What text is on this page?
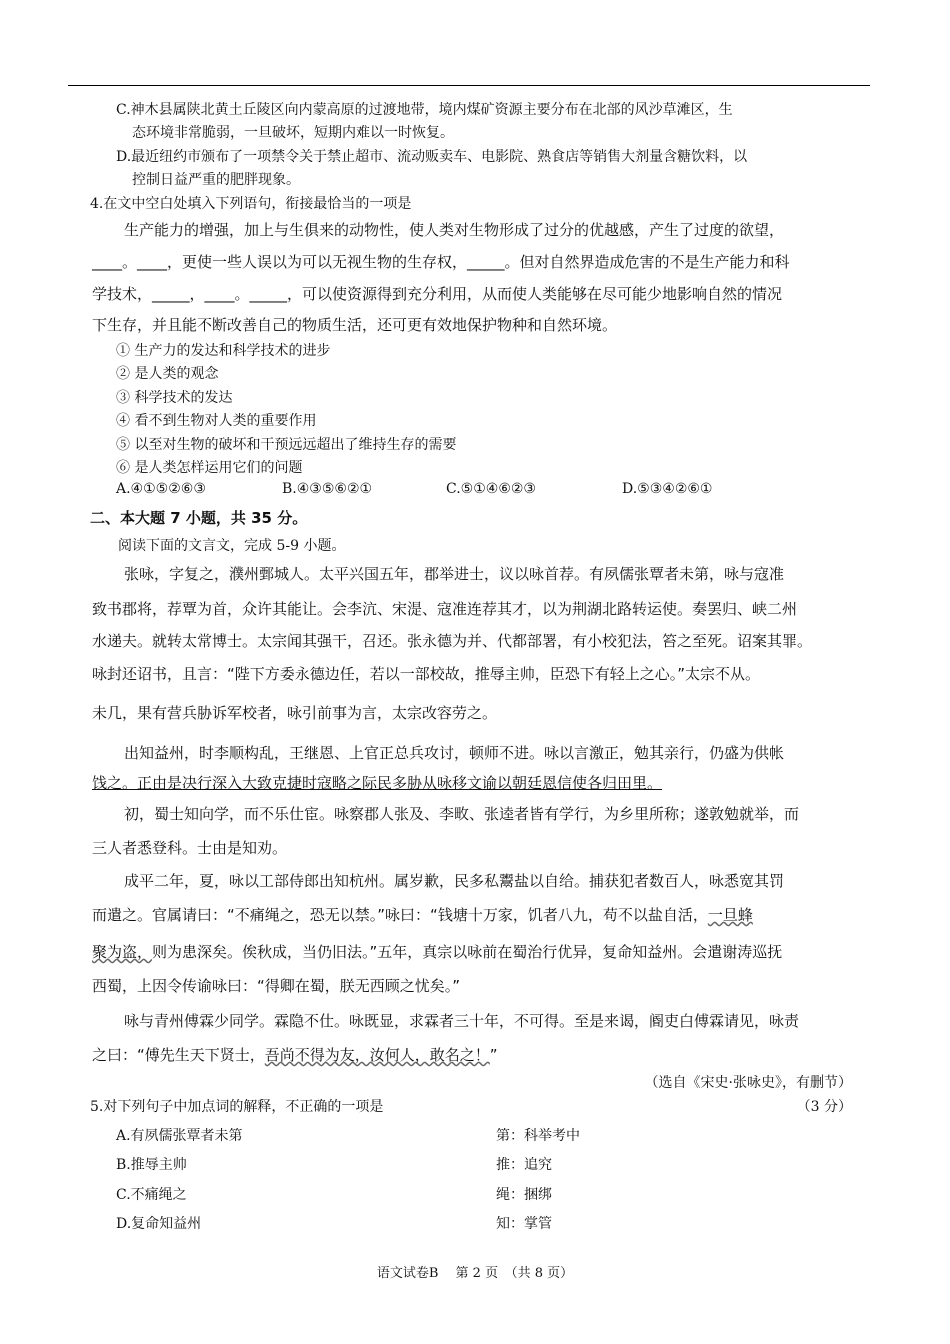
C.神木县属陕北黄土丘陵区向内蒙高原的过渡地带，境内煤矿资源主要分布在北部的风沙草滩区，生
态环境非常脆弱，一旦破坏，短期内难以一时恢复。
D.最近纽约市颁布了一项禁令关于禁止超市、流动贩卖车、电影院、熟食店等销售大剂量含糖饮料，以
控制日益严重的肥胖现象。
4.在文中空白处填入下列语句，衔接最恰当的一项是
生产能力的增强，加上与生俱来的动物性，使人类对生物形成了过分的优越感，产生了过度的欲望，
____。____，更使一些人误以为可以无视生物的生存权，_____。但对自然界造成危害的不是生产能力和科
学技术，_____，____。_____，可以使资源得到充分利用，从而使人类能够在尽可能少地影响自然的情况
下生存，并且能不断改善自己的物质生活，还可更有效地保护物种和自然环境。
① 生产力的发达和科学技术的进步
② 是人类的观念
③ 科学技术的发达
④ 看不到生物对人类的重要作用
⑤ 以至对生物的破坏和干预远远超出了维持生存的需要
⑥ 是人类怎样运用它们的问题
A.④①⑤②⑥③	B.④③⑤⑥②①	C.⑤①④⑥②③	D.⑤③④②⑥①
二、本大题 7 小题，共 35 分。
阅读下面的文言文，完成 5-9 小题。
张咏，字复之，濮州鄄城人。太平兴国五年，郡举进士，议以咏首荐。有夙儒张覃者未第，咏与寇准
致书郡将，荐覃为首，众许其能让。会李沆、宋湜、寇准连荐其才，以为荆湖北路转运使。奏罢归、峡二州
水递夫。就转太常博士。太宗闻其强干，召还。张永德为并、代都部署，有小校犯法，笞之至死。诏案其罪。
咏封还诏书，且言：“陛下方委永德边任，若以一部校故，推辱主帅，臣恐下有轻上之心。”太宗不从。
未几，果有营兵胁诉军校者，咏引前事为言，太宗改容劳之。
出知益州，时李顺构乱，王继恩、上官正总兵攻讨，顿师不进。咏以言激正，勉其亲行，仍盛为供帐
饯之。正由是决行深入大致克捷时寇略之际民多胁从咏移文谕以朝廷恩信使各归田里。
初，蜀士知向学，而不乐仕宦。咏察郡人张及、李畋、张逵者皆有学行，为乡里所称；遂敦勉就举，而
三人者悉登科。士由是知劝。
成平二年，夏，咏以工部侍郎出知杭州。属岁歉，民多私鬻盐以自给。捕获犯者数百人，咏悉宽其罚
而遣之。官属请曰：“不痛绳之，恐无以禁。”咏曰：“钱塘十万家，饥者八九，苟不以盐自活，一旦蜂
聚为盗，则为患深矣。俟秋成，当仍旧法。”五年，真宗以咏前在蜀治行优异，复命知益州。会遣谢涛巡抚
西蜀，上因令传谕咏曰：“得卿在蜀，朕无西顾之忧矣。”
咏与青州傅霖少同学。霖隐不仕。咏既显，求霖者三十年，不可得。至是来谒，阍吏白傅霖请见，咏责
之曰：“傅先生天下贤士，吾尚不得为友，汝何人，敢名之！”
（选自《宋史·张咏史》，有删节）
5.对下列句子中加点词的解释，不正确的一项是	（3 分）
A.有夙儒张覃者未第	第：科举考中
B.推辱主帅	推：追究
C.不痛绳之	绳：捆绑
D.复命知益州	知：掌管
语文试卷B　 第 2 页　（共 8 页）
